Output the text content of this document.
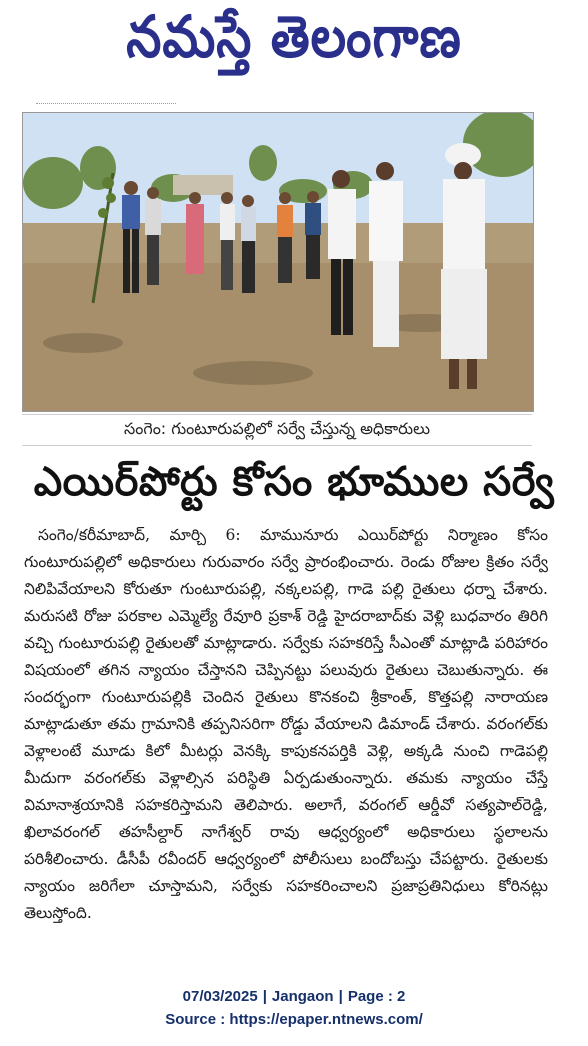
నమస్తే తెలంగాణ
సంగెం: గుంటూరుపల్లిలో సర్వే చేస్తున్న అధికారులు
ఎయిర్‌పోర్టు కోసం భూముల సర్వే
సంగెం/కరీమాబాద్, మార్చి 6: మామునూరు ఎయిర్‌పోర్టు నిర్మాణం కోసం గుంటూరుపల్లిలో అధికారులు గురువారం సర్వే ప్రారంభించారు. రెండు రోజుల క్రితం సర్వే నిలిపివేయాలని కోరుతూ గుంటూరుపల్లి, నక్కలపల్లి, గాడె పల్లి రైతులు ధర్నా చేశారు. మరుసటి రోజు పరకాల ఎమ్మెల్యే రేవూరి ప్రకాశ్ రెడ్డి హైదరాబాద్‌కు వెళ్లి బుధవారం తిరిగి వచ్చి గుంటూరుపల్లి రైతులతో మాట్లాడారు. సర్వేకు సహకరిస్తే సీఎంతో మాట్లాడి పరిహారం విషయంలో తగిన న్యాయం చేస్తానని చెప్పినట్టు పలువురు రైతులు చెబుతున్నారు. ఈ సందర్భంగా గుంటూరుపల్లికి చెందిన రైతులు కొనకంచి శ్రీకాంత్, కొత్తపల్లి నారాయణ మాట్లాడుతూ తమ గ్రామానికి తప్పనిసరిగా రోడ్డు వేయాలని డిమాండ్ చేశారు. వరంగల్‌కు వెళ్లాలంటే మూడు కిలో మీటర్లు వెనక్కి కాపుకనపర్తికి వెళ్లి, అక్కడి నుంచి గాడెపల్లి మీదుగా వరంగల్‌కు వెళ్లాల్సిన పరిస్థితి ఏర్పడుతుంన్నారు. తమకు న్యాయం చేస్తే విమానాశ్రయానికి సహకరిస్తామని తెలిపారు. అలాగే, వరంగల్ ఆర్డీవో సత్యపాల్‌రెడ్డి, ఖిలావరంగల్ తహసీల్దార్ నాగేశ్వర్ రావు ఆధ్వర్యంలో అధికారులు స్థలాలను పరిశీలించారు. డీసీపీ రవీందర్ ఆధ్వర్యంలో పోలీసులు బందోబస్తు చేపట్టారు. రైతులకు న్యాయం జరిగేలా చూస్తామని, సర్వేకు సహకరించాలని ప్రజాప్రతినిధులు కోరినట్లు తెలుస్తోంది.
07/03/2025 | Jangaon | Page : 2
Source : https://epaper.ntnews.com/
